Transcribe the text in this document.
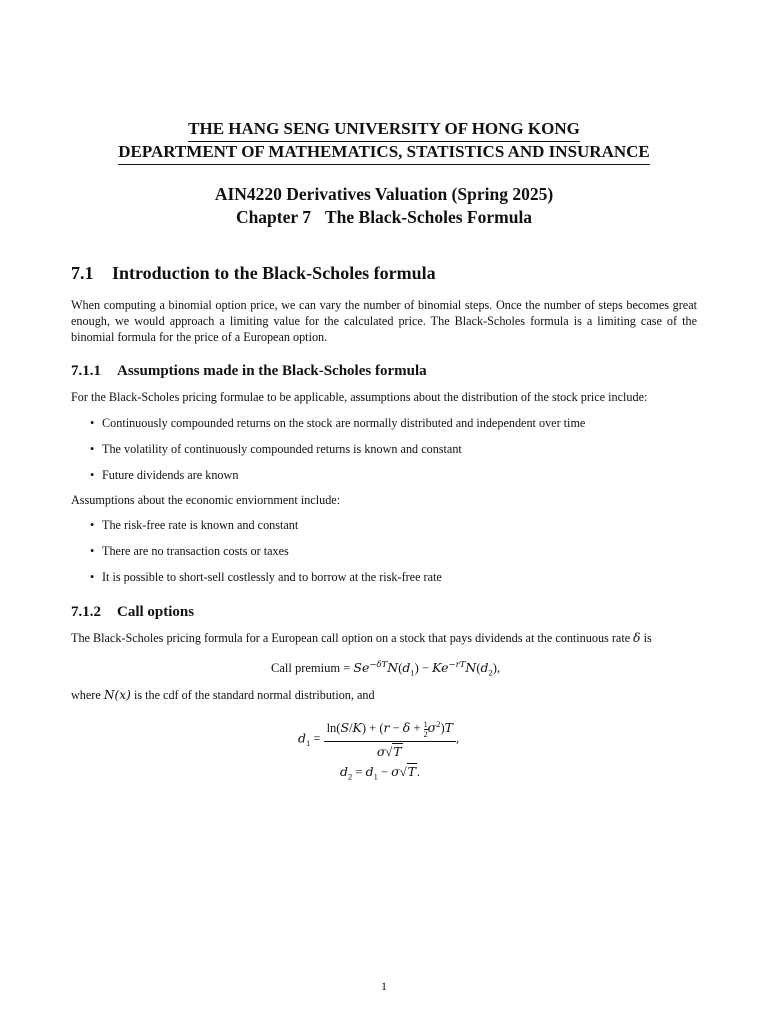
THE HANG SENG UNIVERSITY OF HONG KONG
DEPARTMENT OF MATHEMATICS, STATISTICS AND INSURANCE
AIN4220 Derivatives Valuation (Spring 2025)
Chapter 7 The Black-Scholes Formula
7.1 Introduction to the Black-Scholes formula
When computing a binomial option price, we can vary the number of binomial steps. Once the number of steps becomes great enough, we would approach a limiting value for the calculated price. The Black-Scholes formula is a limiting case of the binomial formula for the price of a European option.
7.1.1 Assumptions made in the Black-Scholes formula
For the Black-Scholes pricing formulae to be applicable, assumptions about the distribution of the stock price include:
• Continuously compounded returns on the stock are normally distributed and independent over time
• The volatility of continuously compounded returns is known and constant
• Future dividends are known
Assumptions about the economic enviornment include:
• The risk-free rate is known and constant
• There are no transaction costs or taxes
• It is possible to short-sell costlessly and to borrow at the risk-free rate
7.1.2 Call options
The Black-Scholes pricing formula for a European call option on a stock that pays dividends at the continuous rate δ is
Call premium = $Se^{-\delta T}N(d_1) - Ke^{-rT}N(d_2)$,
where N(x) is the cdf of the standard normal distribution, and
$d_1 = \frac{\ln(S/K) + (r - \delta + \frac{1}{2} \sigma^2)T}{\sigma√T}$ ,
$d_2 = d_1 - \sigma√T$.
1
